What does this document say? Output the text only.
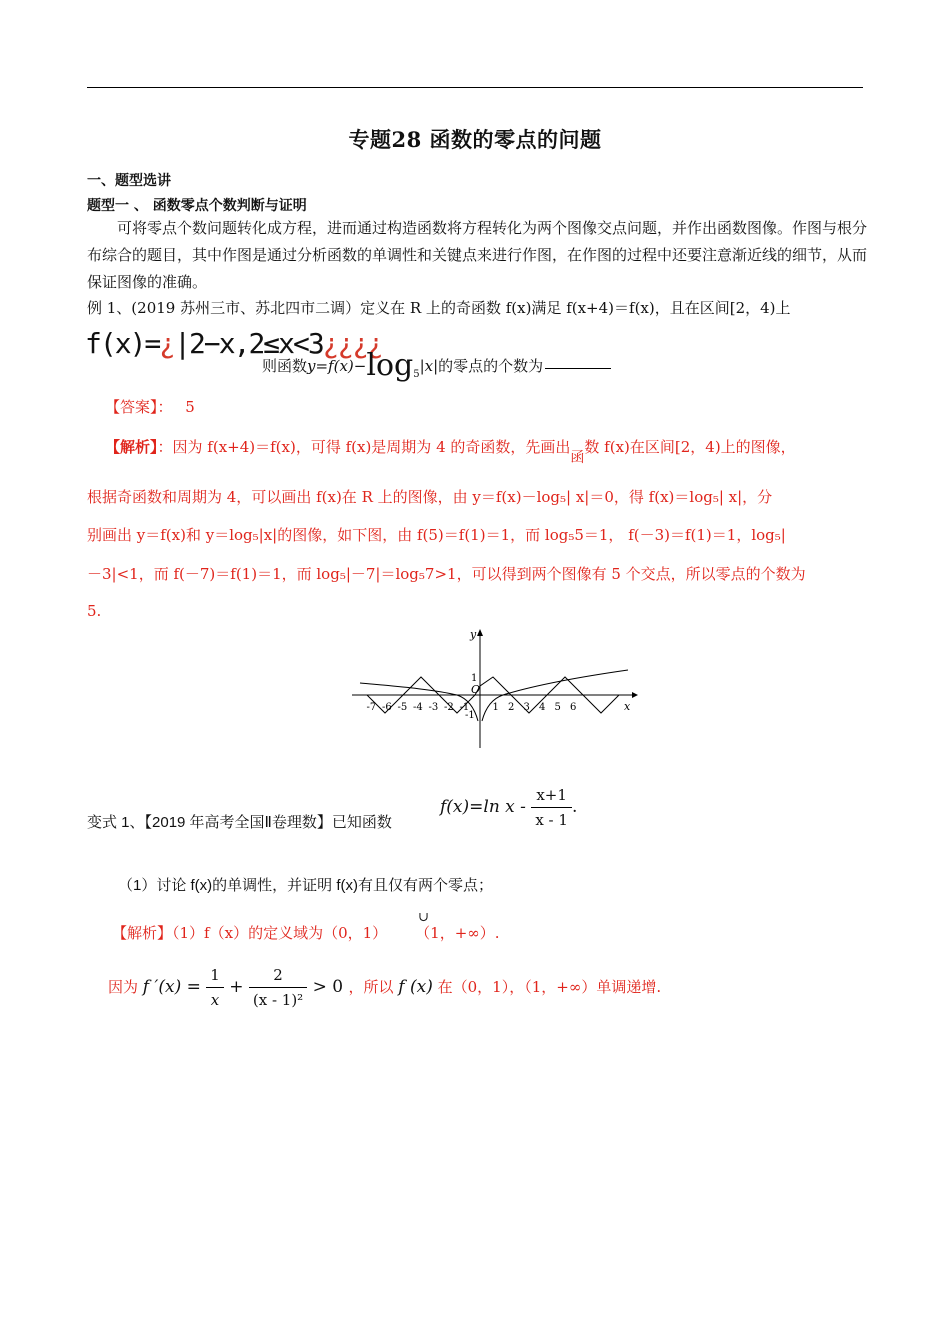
专题28 函数的零点的问题
一、题型选讲
题型一 、 函数零点个数判断与证明
可将零点个数问题转化成方程，进而通过构造函数将方程转化为两个图像交点问题，并作出函数图像。作图与根分布综合的题目，其中作图是通过分析函数的单调性和关键点来进行作图，在作图的过程中还要注意渐近线的细节，从而保证图像的准确。
例 1、(2019 苏州三市、苏北四市二调）定义在 R 上的奇函数 f(x)满足 f(x+4)＝f(x)，且在区间[2，4)上
f(x)=¿|2−x,2≤x<3¿¿¿¿
则函数$y=f(x)-\log_5|x|$的零点的个数为
【答案】： 5
【解析】：因为 f(x+4)＝f(x)，可得 f(x)是周期为 4 的奇函数，先画出函数 f(x)在区间[2，4)上的图像，
根据奇函数和周期为 4，可以画出 f(x)在 R 上的图像，由 y＝f(x)－log₅| x|＝0，得 f(x)＝log₅| x|，分
别画出 y＝f(x)和 y＝log₅|x|的图像，如下图，由 f(5)＝f(1)＝1，而 log₅5＝1， f(－3)＝f(1)＝1，log₅|
－3|<1，而 f(－7)＝f(1)＝1，而 log₅|－7|＝log₅7>1，可以得到两个图像有 5 个交点，所以零点的个数为
5.
y
x
O
1
-1
-7 -6 -5 -4 -3 -2 -1 1 2 3 4 5 6
变式 1、【2019 年高考全国Ⅱ卷理数】已知函数
f(x)=ln x - $\frac{x+1}{x - 1}$ .
（1）讨论 f(x)的单调性，并证明 f(x)有且仅有两个零点；
【解析】（1）f（x）的定义域为（0，1） （1，+∞）.
∪
因为 f $'(x) = \frac{1}{x} + \frac{2}{\text{(x - 1)²}} > 0$ ，所以 f (x) 在（0，1），（1，+∞）单调递增.
